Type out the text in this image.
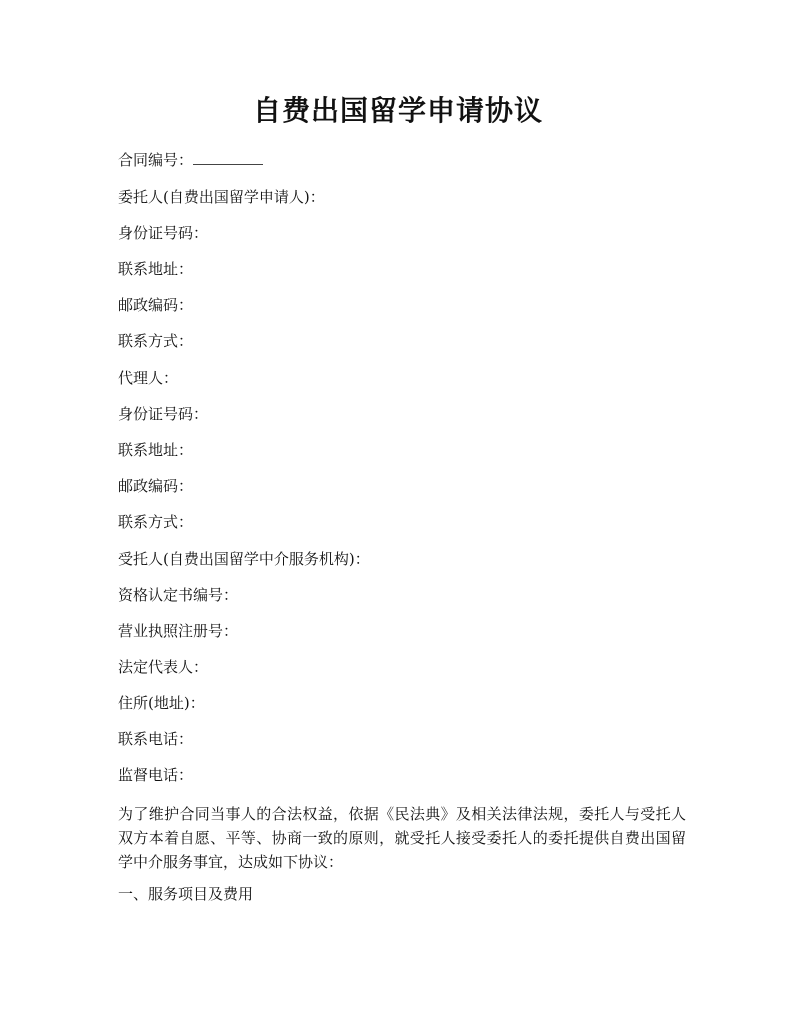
自费出国留学申请协议

合同编号：

委托人(自费出国留学申请人)：

身份证号码：

联系地址：

邮政编码：

联系方式：

代理人：

身份证号码：

联系地址：

邮政编码：

联系方式：

受托人(自费出国留学中介服务机构)：

资格认定书编号：

营业执照注册号：

法定代表人：

住所(地址)：

联系电话：

监督电话：

为了维护合同当事人的合法权益，依据《民法典》及相关法律法规，委托人与受托人双方本着自愿、平等、协商一致的原则，就受托人接受委托人的委托提供自费出国留学中介服务事宜，达成如下协议：

一、服务项目及费用
